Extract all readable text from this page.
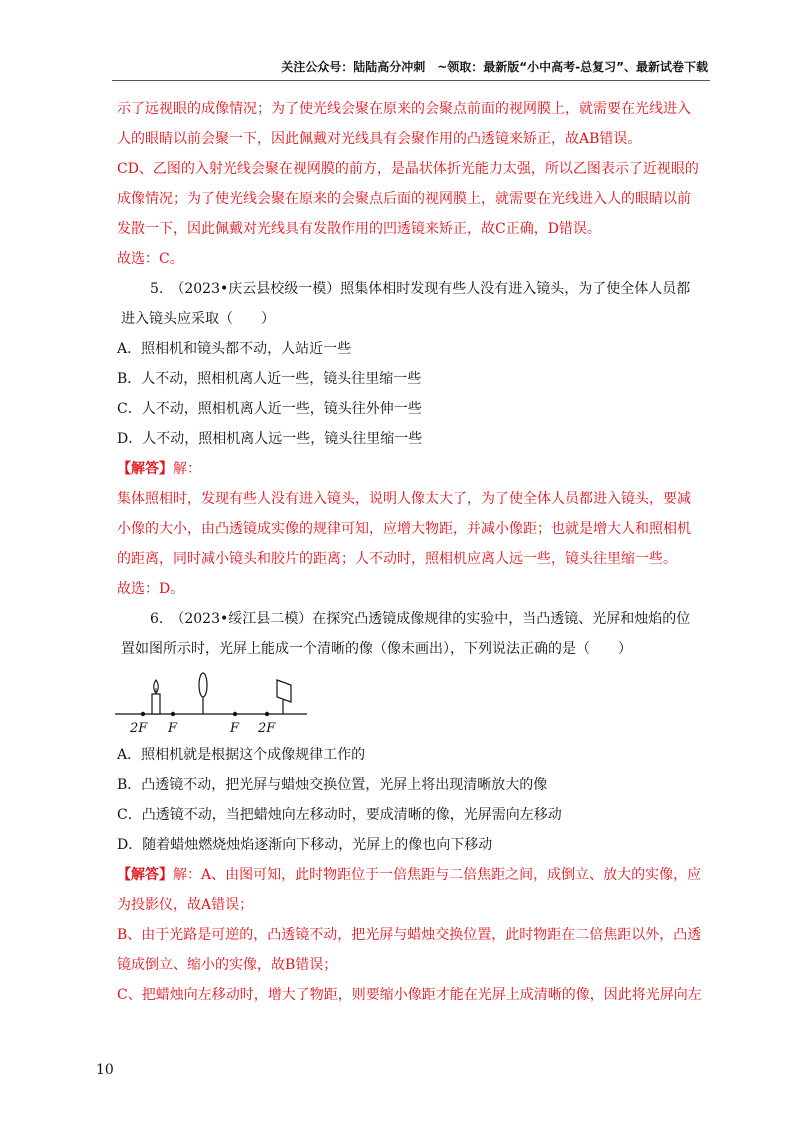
关注公众号：陆陆高分冲刺　~领取：最新版“小中高考-总复习”、最新试卷下载
示了远视眼的成像情况；为了使光线会聚在原来的会聚点前面的视网膜上，就需要在光线进入
人的眼睛以前会聚一下，因此佩戴对光线具有会聚作用的凸透镜来矫正，故AB错误。
CD、乙图的入射光线会聚在视网膜的前方，是晶状体折光能力太强，所以乙图表示了近视眼的
成像情况；为了使光线会聚在原来的会聚点后面的视网膜上，就需要在光线进入人的眼睛以前
发散一下，因此佩戴对光线具有发散作用的凹透镜来矫正，故C正确，D错误。
故选：C。
5.　（2023•庆云县校级一模）照集体相时发现有些人没有进入镜头，为了使全体人员都
进入镜头应采取（　　）
A．照相机和镜头都不动，人站近一些
B．人不动，照相机离人近一些，镜头往里缩一些
C．人不动，照相机离人近一些，镜头往外伸一些
D．人不动，照相机离人远一些，镜头往里缩一些
【解答】解：
集体照相时，发现有些人没有进入镜头，说明人像太大了，为了使全体人员都进入镜头，要减
小像的大小，由凸透镜成实像的规律可知，应增大物距，并减小像距；也就是增大人和照相机
的距离，同时减小镜头和胶片的距离；人不动时，照相机应离人远一些，镜头往里缩一些。
故选：D。
6.　（2023•绥江县二模）在探究凸透镜成像规律的实验中，当凸透镜、光屏和烛焰的位
置如图所示时，光屏上能成一个清晰的像（像未画出），下列说法正确的是（　　）
2F F	F 2F
A．照相机就是根据这个成像规律工作的
B．凸透镜不动，把光屏与蜡烛交换位置，光屏上将出现清晰放大的像
C．凸透镜不动，当把蜡烛向左移动时，要成清晰的像，光屏需向左移动
D．随着蜡烛燃烧烛焰逐渐向下移动，光屏上的像也向下移动
【解答】解：A、由图可知，此时物距位于一倍焦距与二倍焦距之间，成倒立、放大的实像，应
为投影仪，故A错误；
B、由于光路是可逆的，凸透镜不动，把光屏与蜡烛交换位置，此时物距在二倍焦距以外，凸透
镜成倒立、缩小的实像，故B错误；
C、把蜡烛向左移动时，增大了物距，则要缩小像距才能在光屏上成清晰的像，因此将光屏向左
10
